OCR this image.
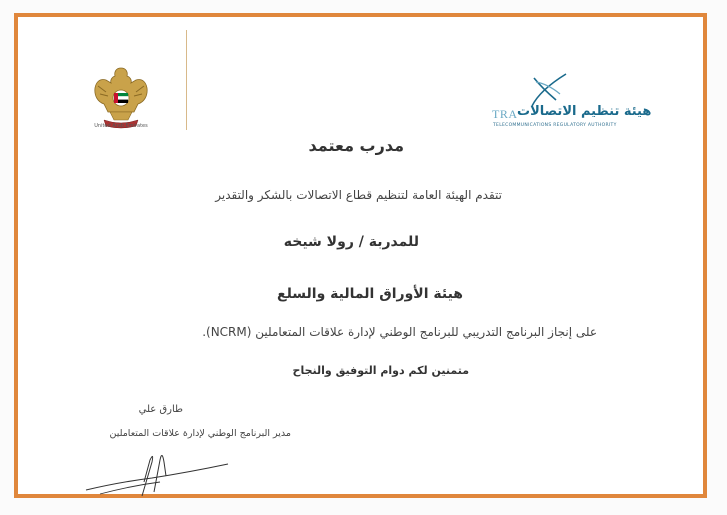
United Arab Emirates
هيئة تنظيم الاتصالات
TRA
TELECOMMUNICATIONS REGULATORY AUTHORITY
مدرب معتمد
تتقدم الهيئة العامة لتنظيم قطاع الاتصالات بالشكر والتقدير
للمدربة / رولا شيخه
هيئة الأوراق المالية والسلع
على إنجاز البرنامج التدريبي للبرنامج الوطني لإدارة علاقات المتعاملين (NCRM).
متمنين لكم دوام التوفيق والنجاح
طارق علي
مدير البرنامج الوطني لإدارة علاقات المتعاملين
